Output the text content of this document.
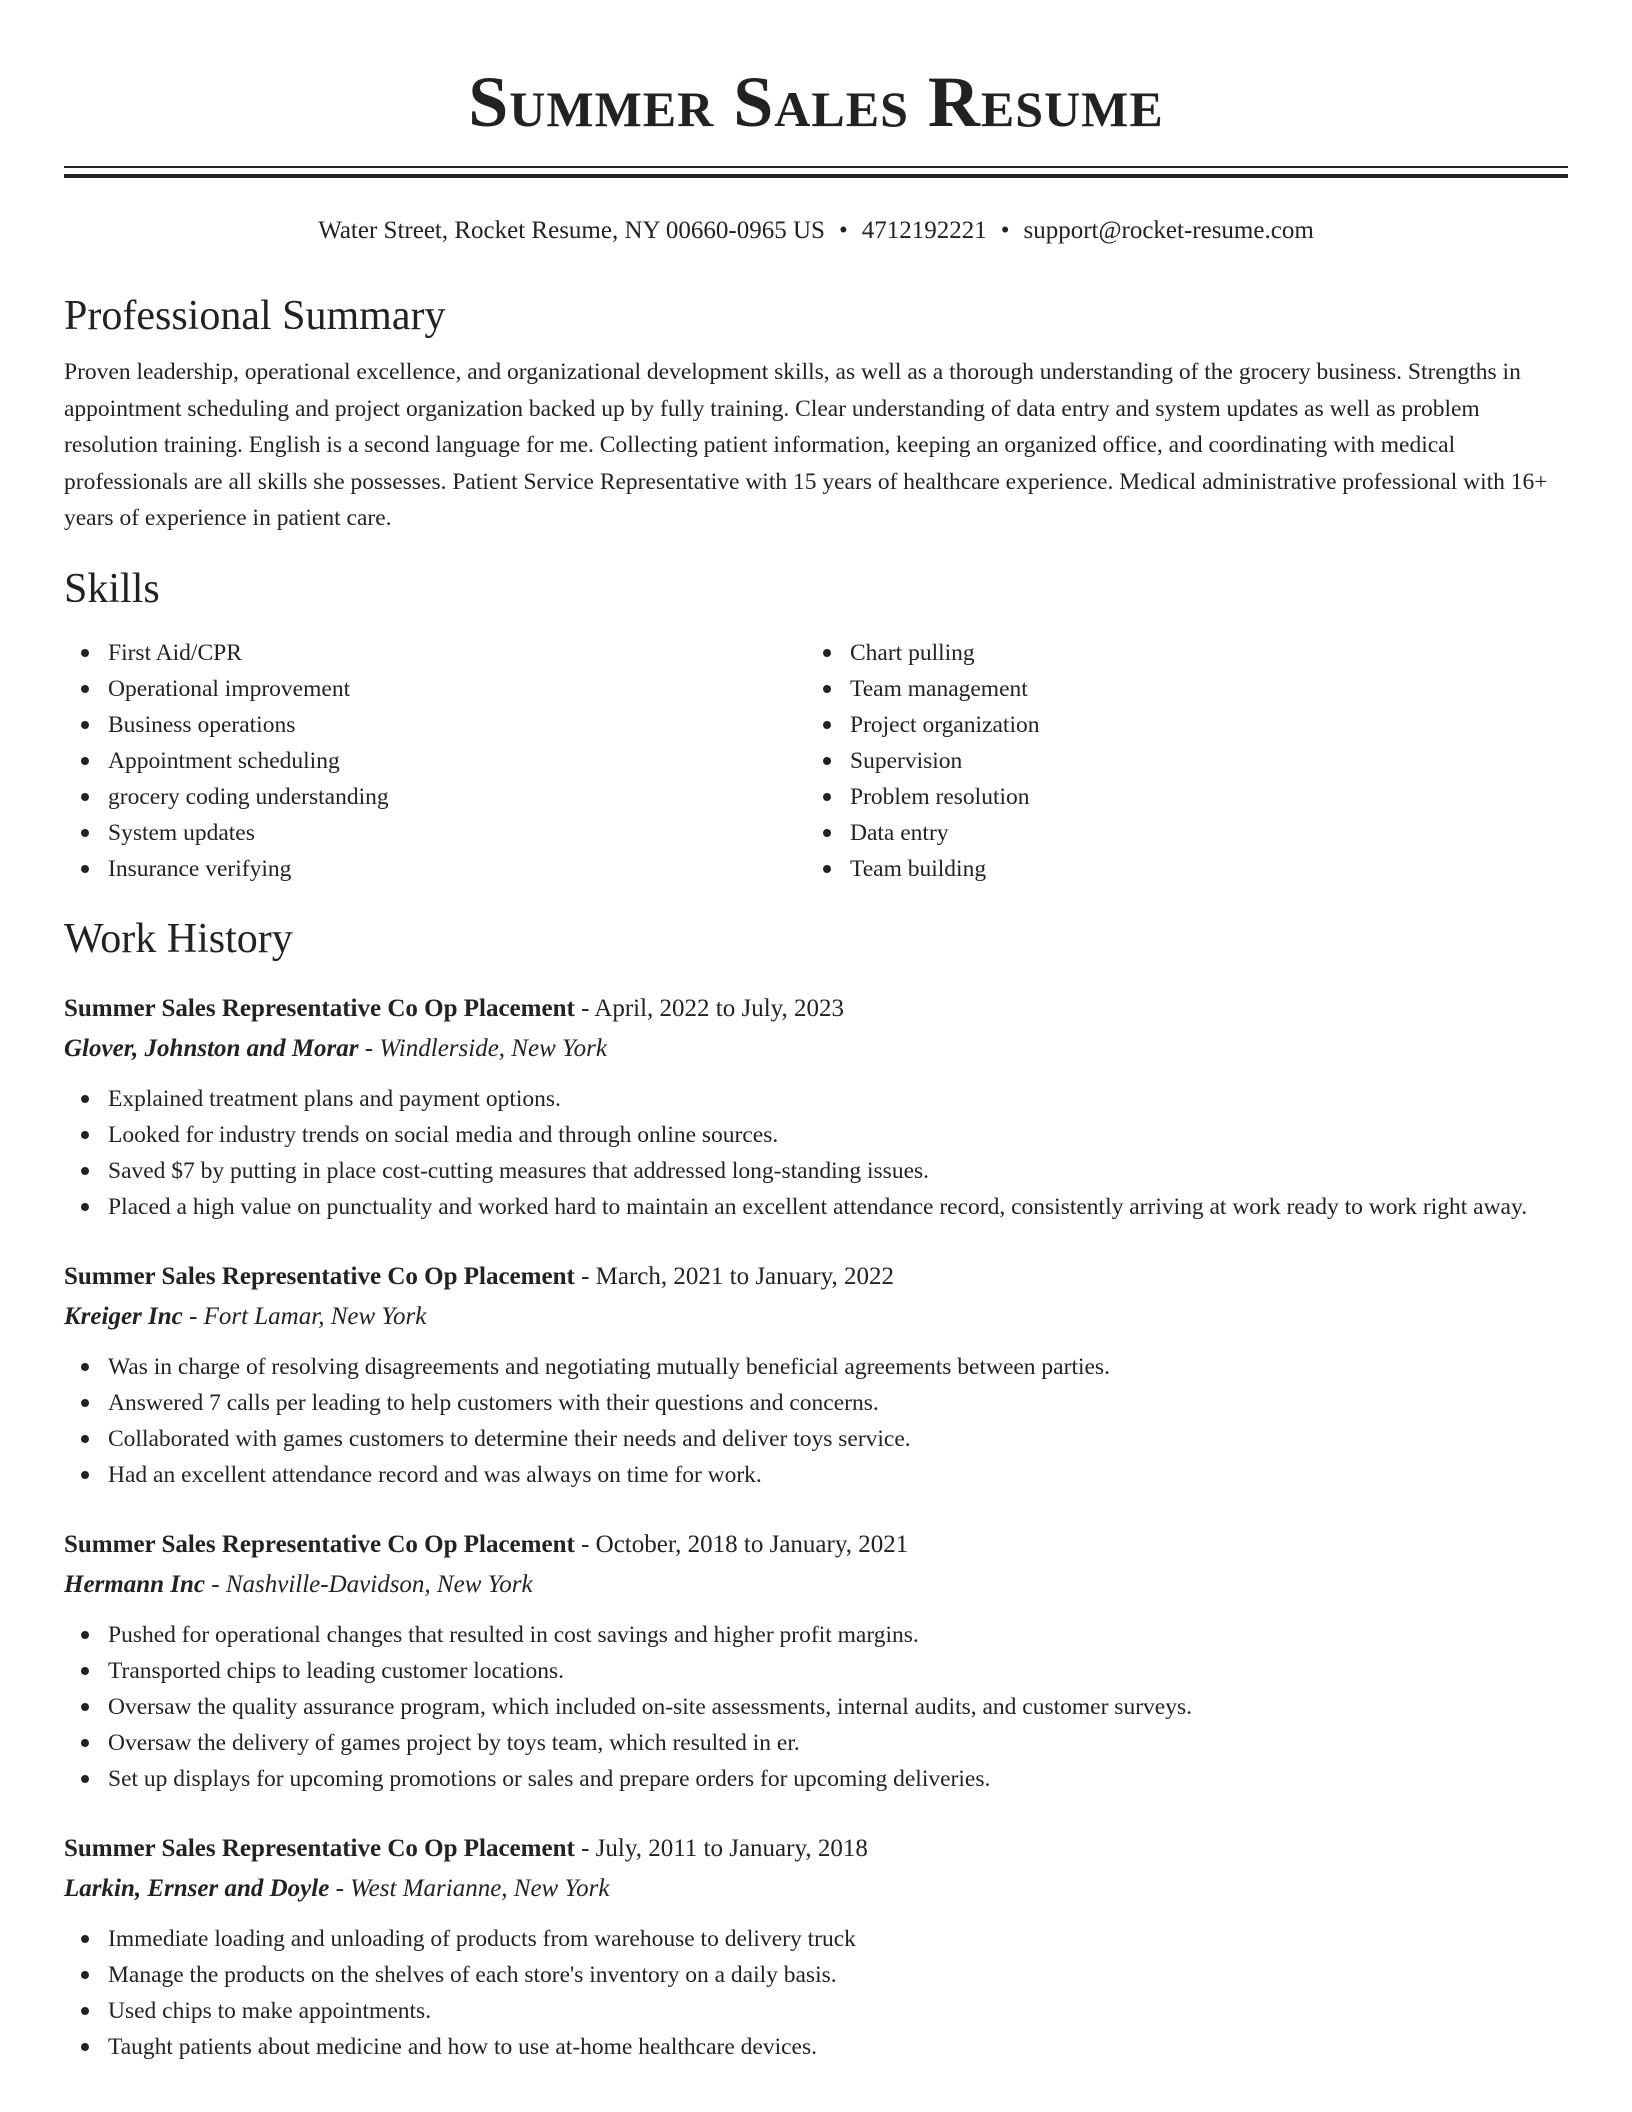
Summer Sales Resume
Water Street, Rocket Resume, NY 00660-0965 US • 4712192221 • support@rocket-resume.com
Professional Summary

Proven leadership, operational excellence, and organizational development skills, as well as a thorough understanding of the grocery business. Strengths in appointment scheduling and project organization backed up by fully training. Clear understanding of data entry and system updates as well as problem resolution training. English is a second language for me. Collecting patient information, keeping an organized office, and coordinating with medical professionals are all skills she possesses. Patient Service Representative with 15 years of healthcare experience. Medical administrative professional with 16+ years of experience in patient care.

Skills
First Aid/CPR
Operational improvement
Business operations
Appointment scheduling
grocery coding understanding
System updates
Insurance verifying
Chart pulling
Team management
Project organization
Supervision
Problem resolution
Data entry
Team building
Work History
Summer Sales Representative Co Op Placement - April, 2022 to July, 2023
Glover, Johnston and Morar - Windlerside, New York
Explained treatment plans and payment options.
Looked for industry trends on social media and through online sources.
Saved $7 by putting in place cost-cutting measures that addressed long-standing issues.
Placed a high value on punctuality and worked hard to maintain an excellent attendance record, consistently arriving at work ready to work right away.
Summer Sales Representative Co Op Placement - March, 2021 to January, 2022
Kreiger Inc - Fort Lamar, New York
Was in charge of resolving disagreements and negotiating mutually beneficial agreements between parties.
Answered 7 calls per leading to help customers with their questions and concerns.
Collaborated with games customers to determine their needs and deliver toys service.
Had an excellent attendance record and was always on time for work.
Summer Sales Representative Co Op Placement - October, 2018 to January, 2021
Hermann Inc - Nashville-Davidson, New York
Pushed for operational changes that resulted in cost savings and higher profit margins.
Transported chips to leading customer locations.
Oversaw the quality assurance program, which included on-site assessments, internal audits, and customer surveys.
Oversaw the delivery of games project by toys team, which resulted in er.
Set up displays for upcoming promotions or sales and prepare orders for upcoming deliveries.
Summer Sales Representative Co Op Placement - July, 2011 to January, 2018
Larkin, Ernser and Doyle - West Marianne, New York
Immediate loading and unloading of products from warehouse to delivery truck
Manage the products on the shelves of each store's inventory on a daily basis.
Used chips to make appointments.
Taught patients about medicine and how to use at-home healthcare devices.
